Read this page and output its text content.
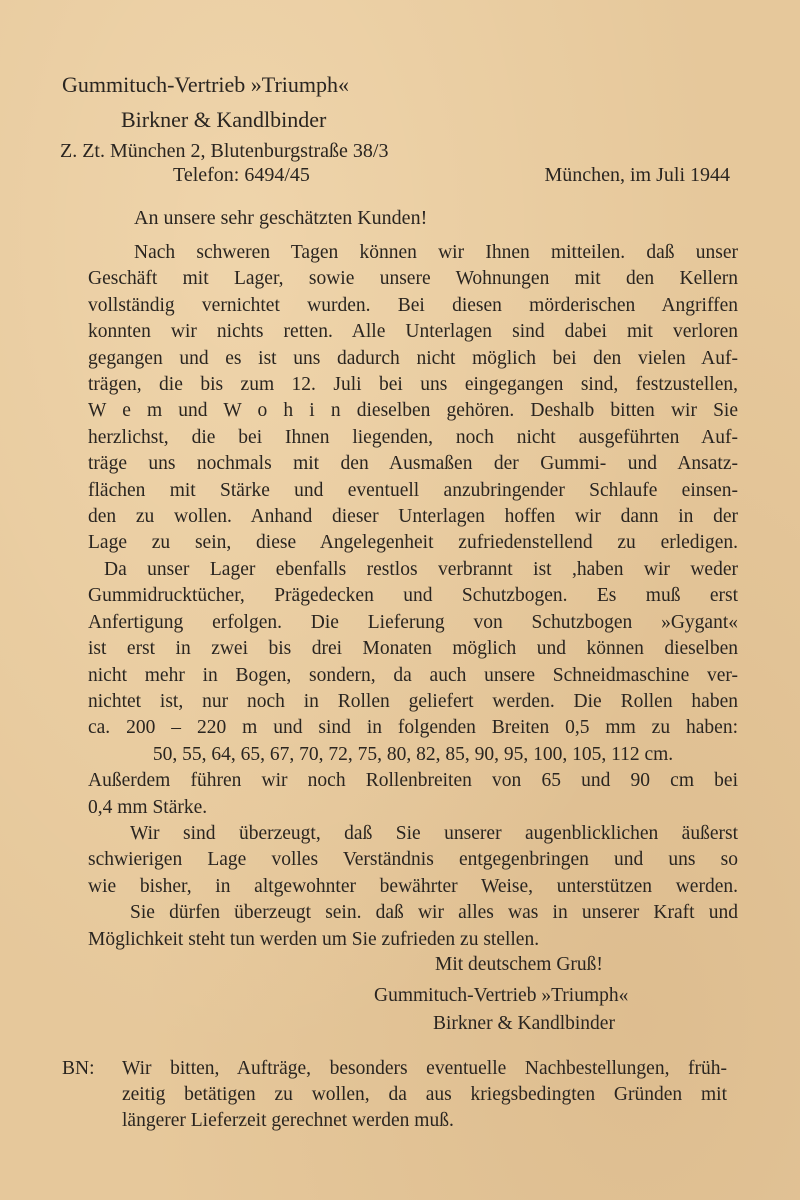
Gummituch-Vertrieb »Triumph«
Birkner & Kandlbinder
Z. Zt. München 2, Blutenburgstraße 38/3
Telefon: 6494/45	München, im Juli 1944
An unsere sehr geschätzten Kunden!
Nach schweren Tagen können wir Ihnen mitteilen. daß unser
Geschäft mit Lager, sowie unsere Wohnungen mit den Kellern
vollständig vernichtet wurden. Bei diesen mörderischen Angriffen
konnten wir nichts retten. Alle Unterlagen sind dabei mit verloren
gegangen und es ist uns dadurch nicht möglich bei den vielen Auf-
trägen, die bis zum 12. Juli bei uns eingegangen sind, festzustellen,
W e m und W o h i n dieselben gehören. Deshalb bitten wir Sie
herzlichst, die bei Ihnen liegenden, noch nicht ausgeführten Auf-
träge uns nochmals mit den Ausmaßen der Gummi- und Ansatz-
flächen mit Stärke und eventuell anzubringender Schlaufe einsen-
den zu wollen. Anhand dieser Unterlagen hoffen wir dann in der
Lage zu sein, diese Angelegenheit zufriedenstellend zu erledigen.
Da unser Lager ebenfalls restlos verbrannt ist ,haben wir weder
Gummidrucktücher, Prägedecken und Schutzbogen. Es muß erst
Anfertigung erfolgen. Die Lieferung von Schutzbogen »Gygant«
ist erst in zwei bis drei Monaten möglich und können dieselben
nicht mehr in Bogen, sondern, da auch unsere Schneidmaschine ver-
nichtet ist, nur noch in Rollen geliefert werden. Die Rollen haben
ca. 200 – 220 m und sind in folgenden Breiten 0,5 mm zu haben:
50, 55, 64, 65, 67, 70, 72, 75, 80, 82, 85, 90, 95, 100, 105, 112 cm.
Außerdem führen wir noch Rollenbreiten von 65 und 90 cm bei
0,4 mm Stärke.
Wir sind überzeugt, daß Sie unserer augenblicklichen äußerst
schwierigen Lage volles Verständnis entgegenbringen und uns so
wie bisher, in altgewohnter bewährter Weise, unterstützen werden.
Sie dürfen überzeugt sein. daß wir alles was in unserer Kraft und
Möglichkeit steht tun werden um Sie zufrieden zu stellen.
Mit deutschem Gruß!
Gummituch-Vertrieb »Triumph«
Birkner & Kandlbinder
BN: Wir bitten, Aufträge, besonders eventuelle Nachbestellungen, früh-
zeitig betätigen zu wollen, da aus kriegsbedingten Gründen mit
längerer Lieferzeit gerechnet werden muß.
